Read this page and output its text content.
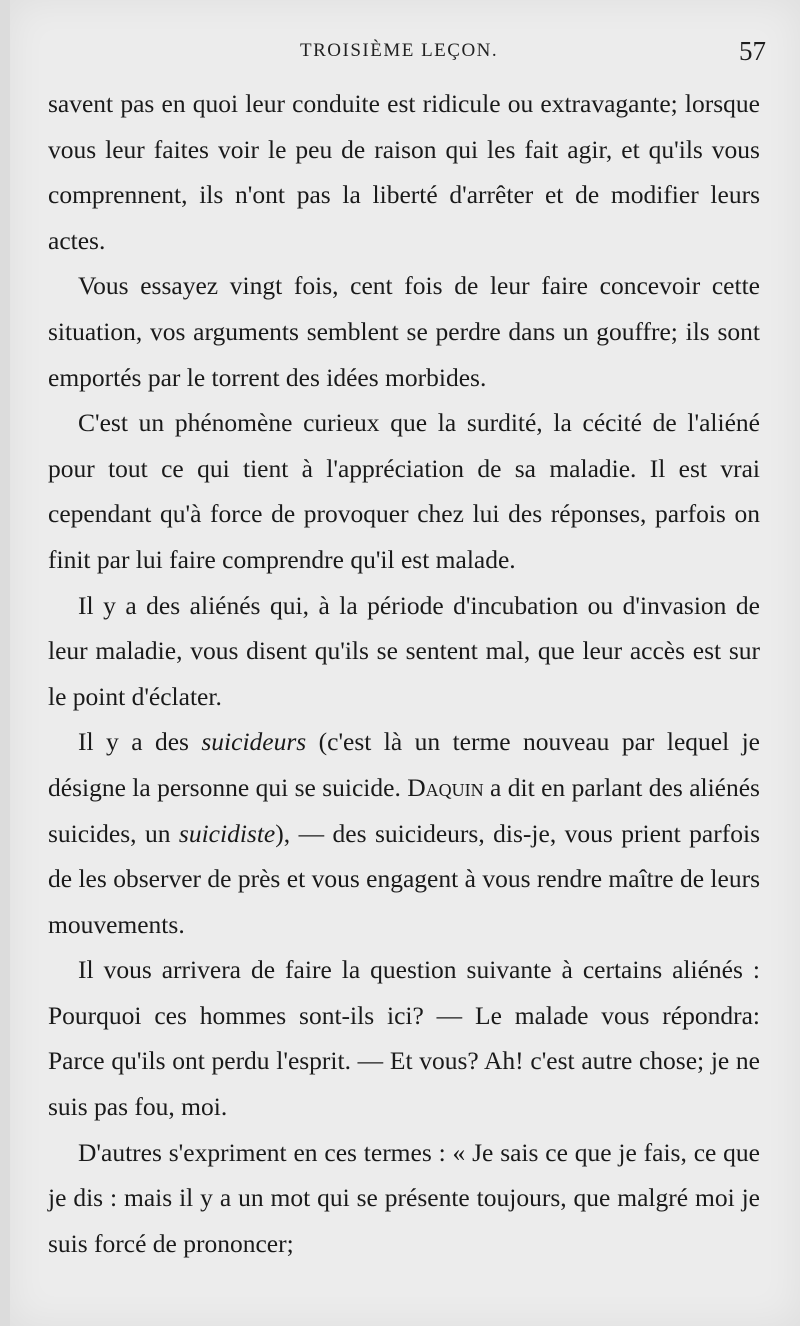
TROISIÈME LEÇON.	57

savent pas en quoi leur conduite est ridicule ou extravagante; lorsque vous leur faites voir le peu de raison qui les fait agir, et qu'ils vous comprennent, ils n'ont pas la liberté d'arrêter et de modifier leurs actes.

Vous essayez vingt fois, cent fois de leur faire concevoir cette situation, vos arguments semblent se perdre dans un gouffre; ils sont emportés par le torrent des idées morbides.

C'est un phénomène curieux que la surdité, la cécité de l'aliéné pour tout ce qui tient à l'appréciation de sa maladie. Il est vrai cependant qu'à force de provoquer chez lui des réponses, parfois on finit par lui faire comprendre qu'il est malade.

Il y a des aliénés qui, à la période d'incubation ou d'invasion de leur maladie, vous disent qu'ils se sentent mal, que leur accès est sur le point d'éclater.

Il y a des suicideurs (c'est là un terme nouveau par lequel je désigne la personne qui se suicide. Daquin a dit en parlant des aliénés suicides, un suicidiste), — des suicideurs, dis-je, vous prient parfois de les observer de près et vous engagent à vous rendre maître de leurs mouvements.

Il vous arrivera de faire la question suivante à certains aliénés : Pourquoi ces hommes sont-ils ici? — Le malade vous répondra: Parce qu'ils ont perdu l'esprit. — Et vous? Ah! c'est autre chose; je ne suis pas fou, moi.

D'autres s'expriment en ces termes : « Je sais ce que je fais, ce que je dis : mais il y a un mot qui se présente toujours, que malgré moi je suis forcé de prononcer;
